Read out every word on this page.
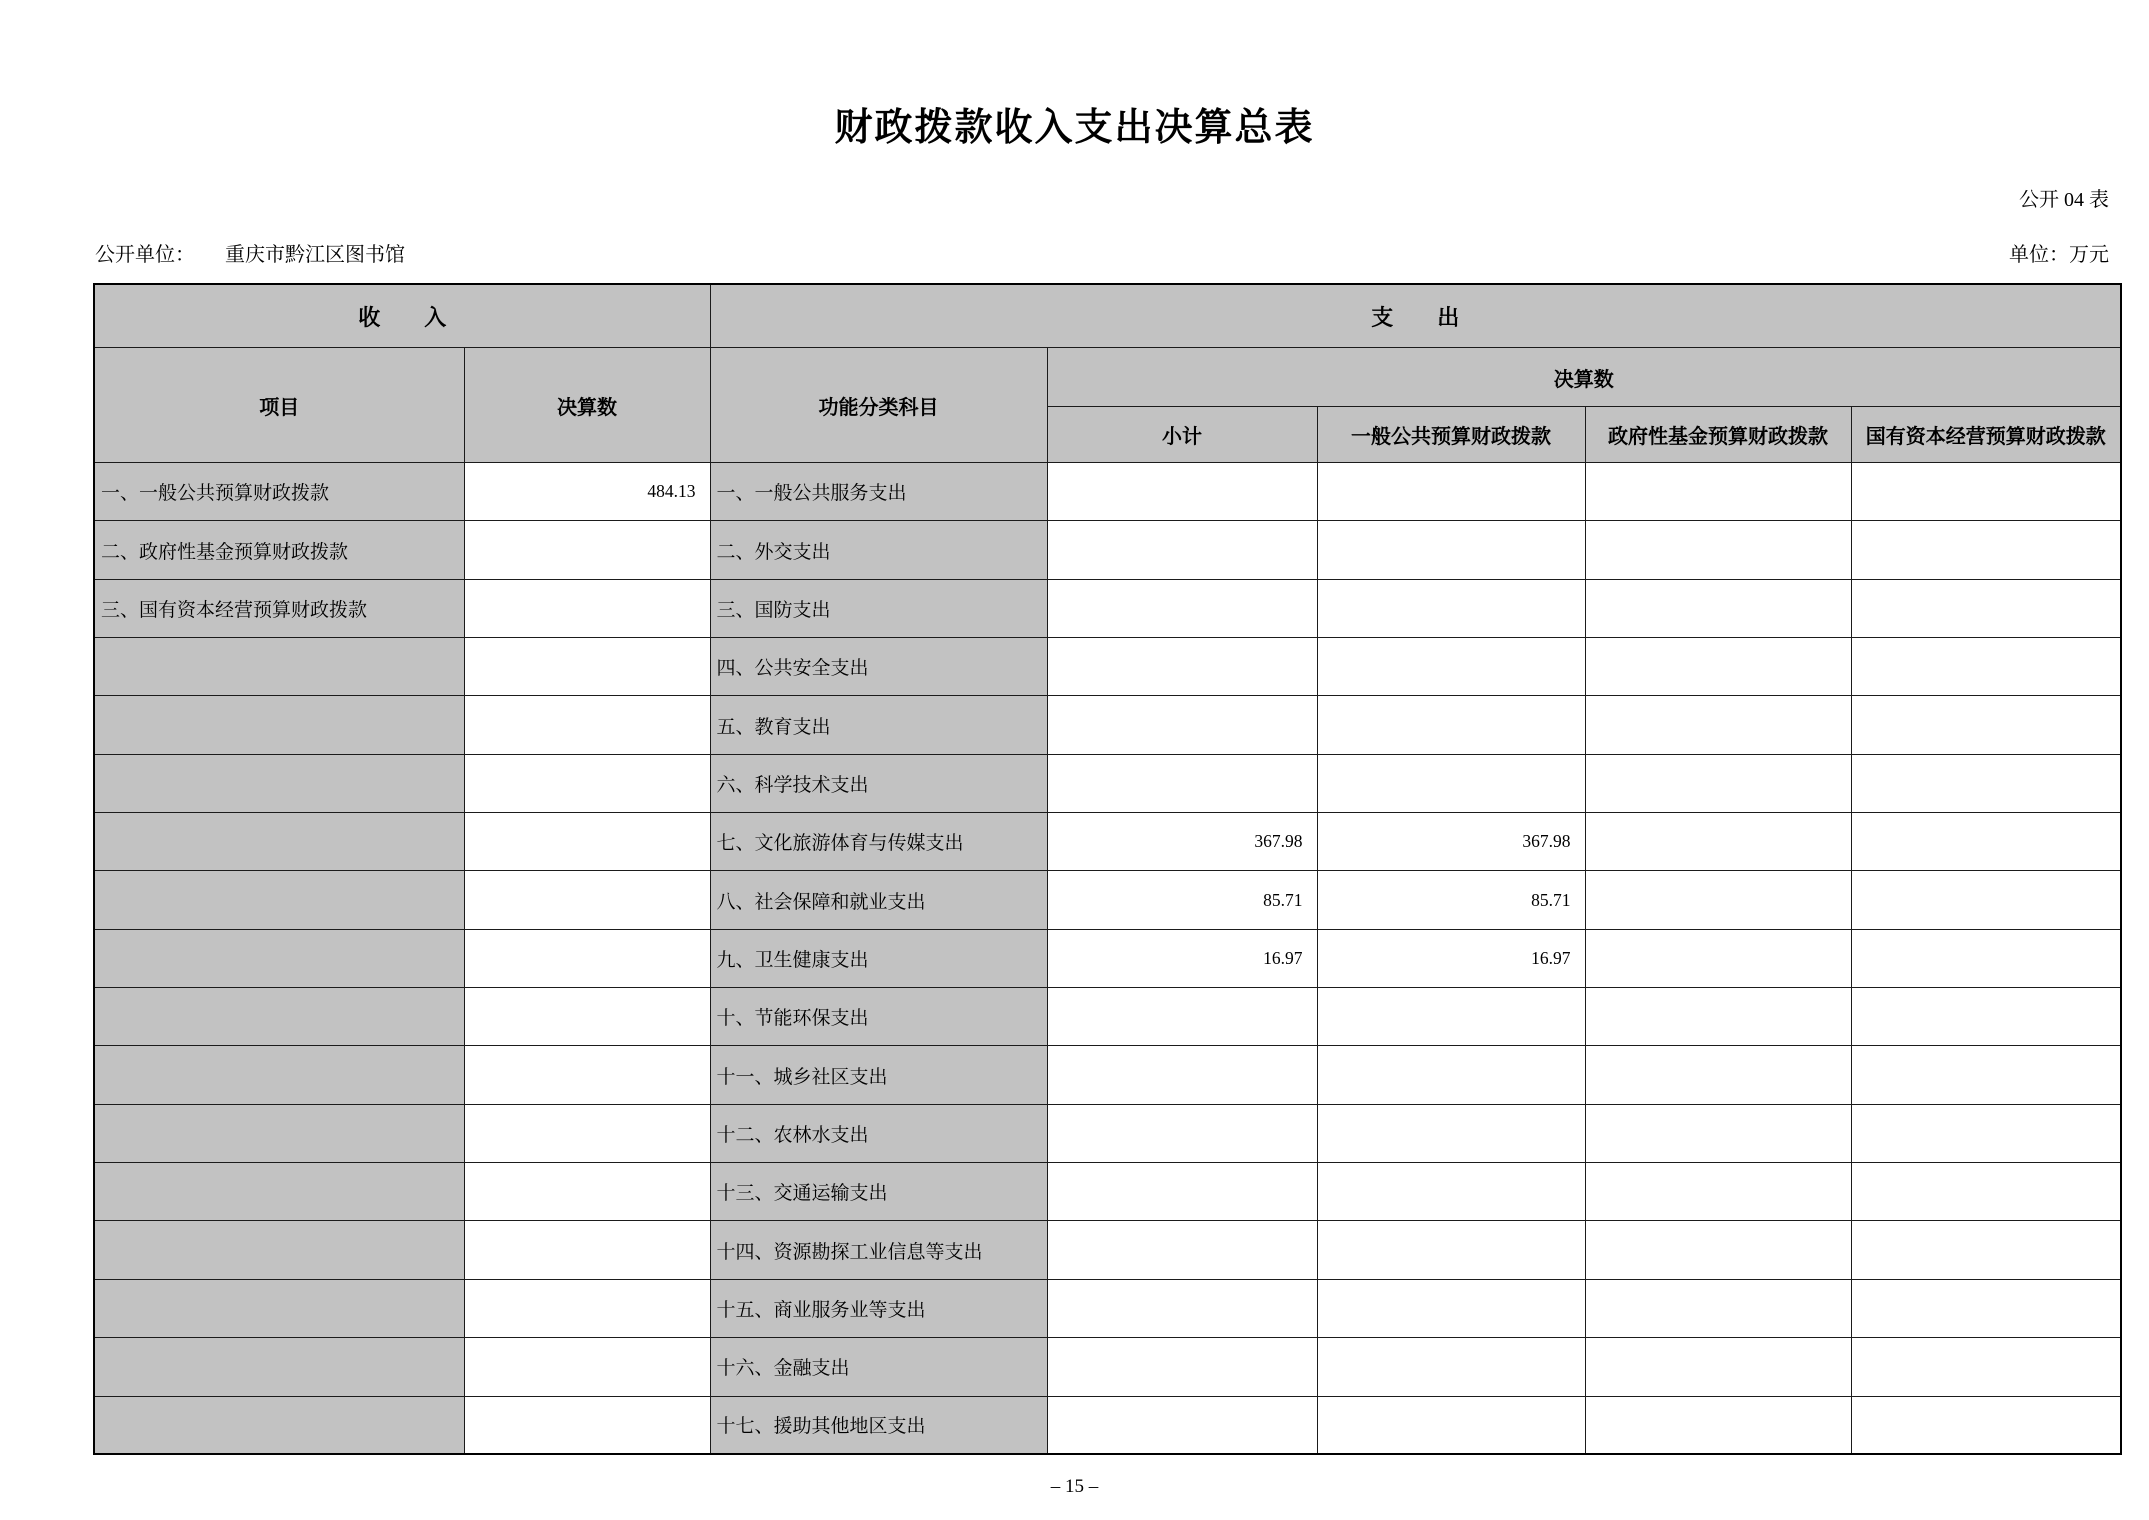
财政拨款收入支出决算总表
公开 04 表
公开单位： 重庆市黔江区图书馆	单位：万元
收　　入		支　　出				
项目	决算数	功能分类科目	决算数			
			小计	一般公共预算财政拨款	政府性基金预算财政拨款	国有资本经营预算财政拨款
一、一般公共预算财政拨款	484.13	一、一般公共服务支出				
二、政府性基金预算财政拨款		二、外交支出				
三、国有资本经营预算财政拨款		三、国防支出				
		四、公共安全支出				
		五、教育支出				
		六、科学技术支出				
		七、文化旅游体育与传媒支出	367.98	367.98		
		八、社会保障和就业支出	85.71	85.71		
		九、卫生健康支出	16.97	16.97		
		十、节能环保支出				
		十一、城乡社区支出				
		十二、农林水支出				
		十三、交通运输支出				
		十四、资源勘探工业信息等支出				
		十五、商业服务业等支出				
		十六、金融支出				
		十七、援助其他地区支出				
– 15 –
